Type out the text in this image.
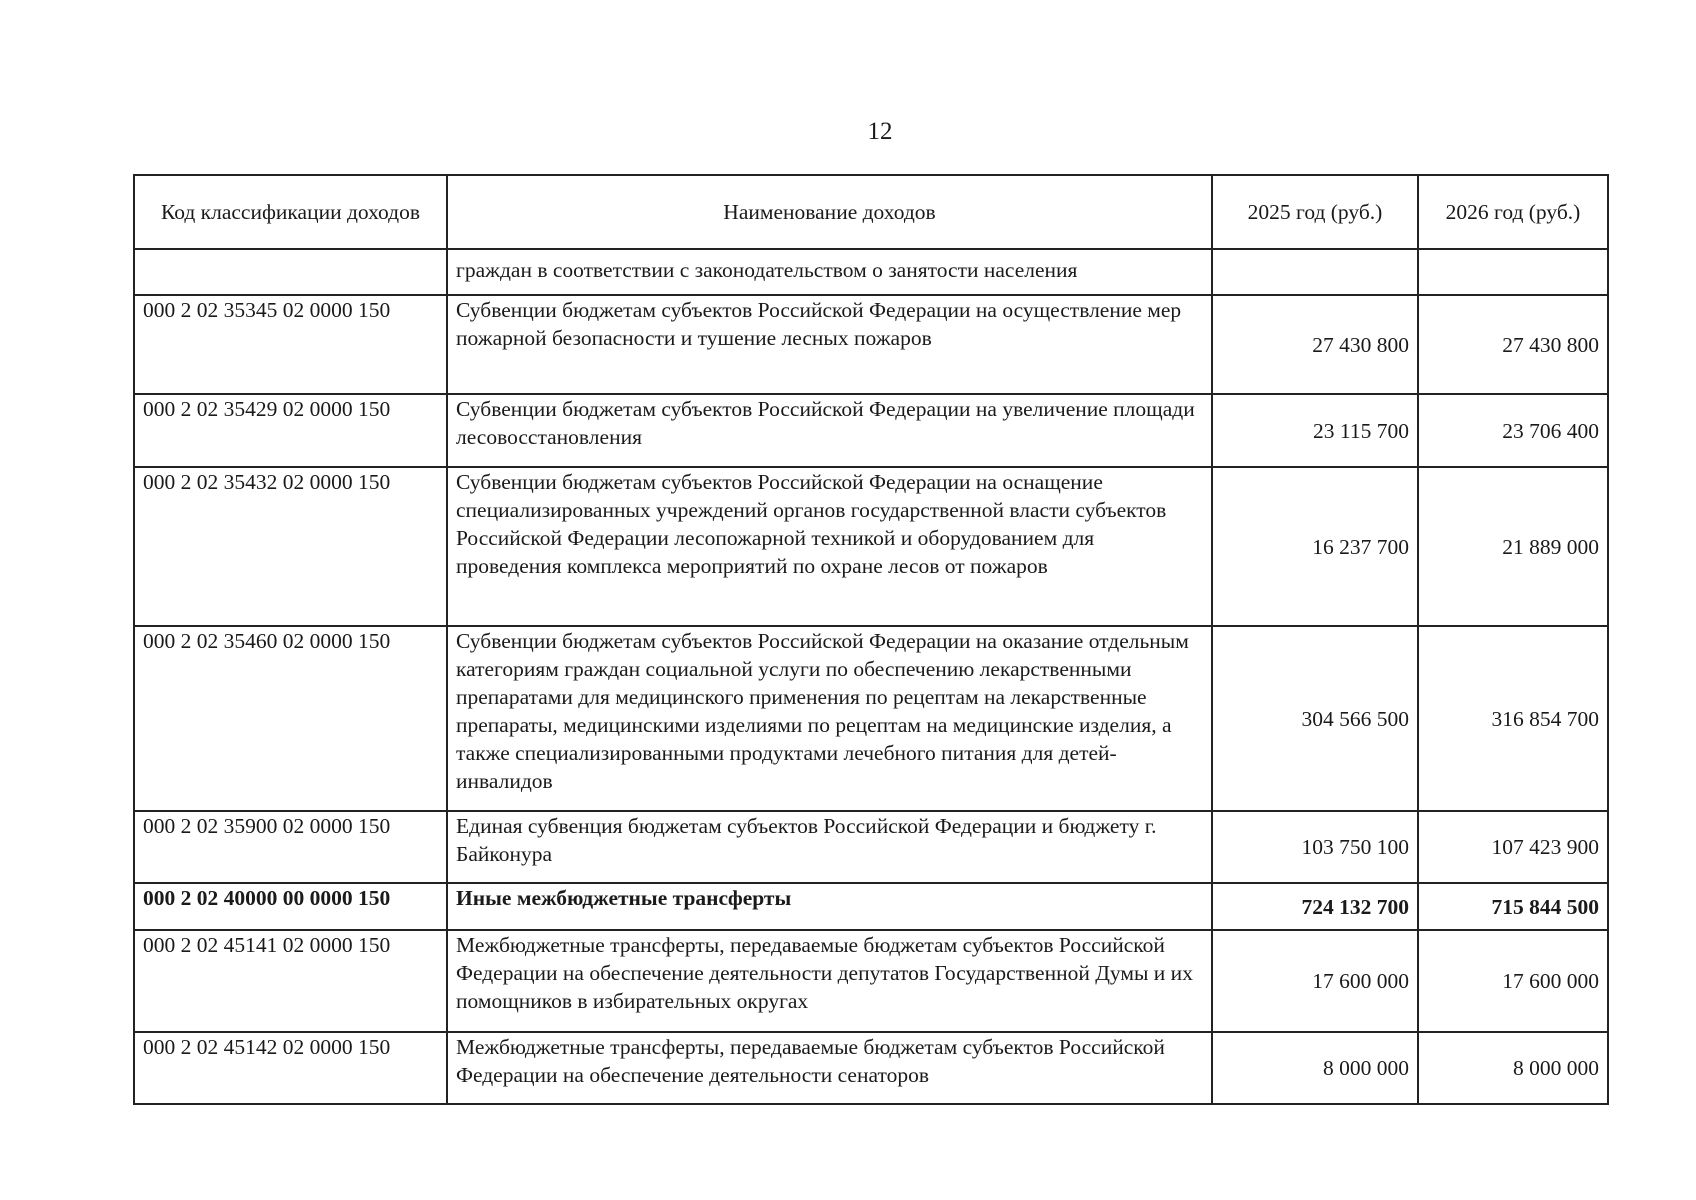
12
Код классификации доходов	Наименование доходов	2025 год (руб.)	2026 год (руб.)
	граждан в соответствии с законодательством о занятости населения		
000 2 02 35345 02 0000 150	Субвенции бюджетам субъектов Российской Федерации на осуществление мер пожарной безопасности и тушение лесных пожаров	27 430 800	27 430 800
000 2 02 35429 02 0000 150	Субвенции бюджетам субъектов Российской Федерации на увеличение площади лесовосстановления	23 115 700	23 706 400
000 2 02 35432 02 0000 150	Субвенции бюджетам субъектов Российской Федерации на оснащение специализированных учреждений органов государственной власти субъектов Российской Федерации лесопожарной техникой и оборудованием для проведения комплекса мероприятий по охране лесов от пожаров	16 237 700	21 889 000
000 2 02 35460 02 0000 150	Субвенции бюджетам субъектов Российской Федерации на оказание отдельным категориям граждан социальной услуги по обеспечению лекарственными препаратами для медицинского применения по рецептам на лекарственные препараты, медицинскими изделиями по рецептам на медицинские изделия, а также специализированными продуктами лечебного питания для детей-инвалидов	304 566 500	316 854 700
000 2 02 35900 02 0000 150	Единая субвенция бюджетам субъектов Российской Федерации и бюджету г. Байконура	103 750 100	107 423 900
000 2 02 40000 00 0000 150	Иные межбюджетные трансферты	724 132 700	715 844 500
000 2 02 45141 02 0000 150	Межбюджетные трансферты, передаваемые бюджетам субъектов Российской Федерации на обеспечение деятельности депутатов Государственной Думы и их помощников в избирательных округах	17 600 000	17 600 000
000 2 02 45142 02 0000 150	Межбюджетные трансферты, передаваемые бюджетам субъектов Российской Федерации на обеспечение деятельности сенаторов	8 000 000	8 000 000
